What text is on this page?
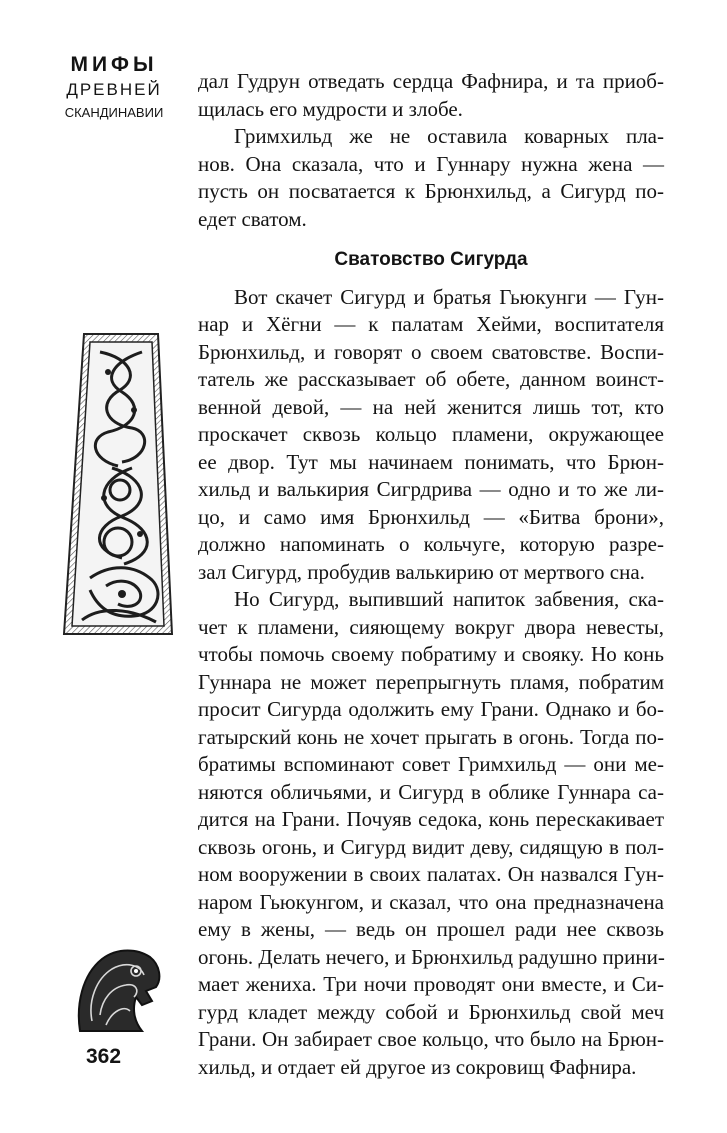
МИФЫ
ДРЕВНЕЙ
СКАНДИНАВИИ
дал Гудрун отведать сердца Фафнира, и та приоб-
щилась его мудрости и злобе.
Гримхильд же не оставила коварных пла-
нов. Она сказала, что и Гуннару нужна жена —
пусть он посватается к Брюнхильд, а Сигурд по-
едет сватом.
Сватовство Сигурда
Вот скачет Сигурд и братья Гьюкунги — Гун-
нар и Хёгни — к палатам Хейми, воспитателя
Брюнхильд, и говорят о своем сватовстве. Воспи-
татель же рассказывает об обете, данном воинст-
венной девой, — на ней женится лишь тот, кто
проскачет сквозь кольцо пламени, окружающее
ее двор. Тут мы начинаем понимать, что Брюн-
хильд и валькирия Сигрдрива — одно и то же ли-
цо, и само имя Брюнхильд — «Битва брони»,
должно напоминать о кольчуге, которую разре-
зал Сигурд, пробудив валькирию от мертвого сна.
Но Сигурд, выпивший напиток забвения, ска-
чет к пламени, сияющему вокруг двора невесты,
чтобы помочь своему побратиму и свояку. Но конь
Гуннара не может перепрыгнуть пламя, побратим
просит Сигурда одолжить ему Грани. Однако и бо-
гатырский конь не хочет прыгать в огонь. Тогда по-
братимы вспоминают совет Гримхильд — они ме-
няются обличьями, и Сигурд в облике Гуннара са-
дится на Грани. Почуяв седока, конь перескакивает
сквозь огонь, и Сигурд видит деву, сидящую в пол-
ном вооружении в своих палатах. Он назвался Гун-
наром Гьюкунгом, и сказал, что она предназначена
ему в жены, — ведь он прошел ради нее сквозь
огонь. Делать нечего, и Брюнхильд радушно прини-
мает жениха. Три ночи проводят они вместе, и Си-
гурд кладет между собой и Брюнхильд свой меч
Грани. Он забирает свое кольцо, что было на Брюн-
хильд, и отдает ей другое из сокровищ Фафнира.
362
